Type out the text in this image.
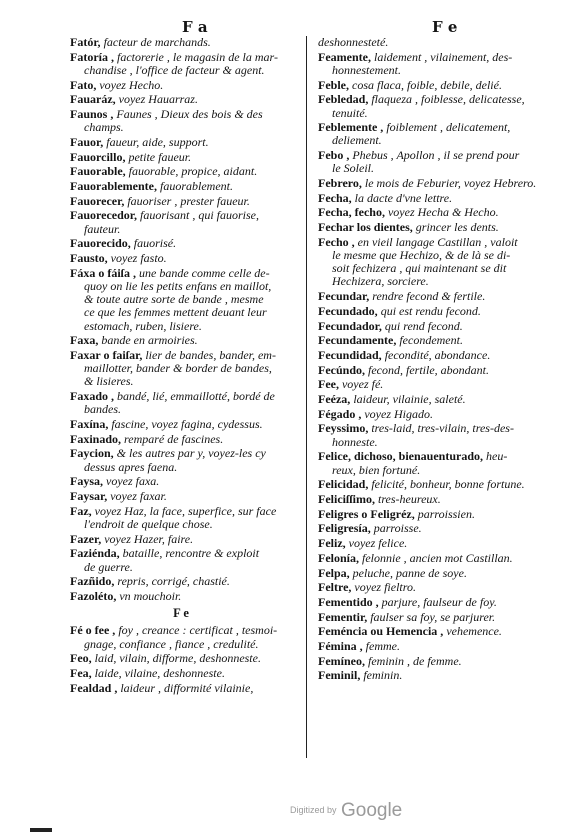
F a	F e
Fatór, facteur de marchands.
Fatoría , factorerie , le magasin de la mar-
chandise , l'office de facteur & agent.
Fato, voyez Hecho.
Fauaráz, voyez Hauarraz.
Faunos , Faunes , Dieux des bois & des
champs.
Fauor, faueur, aide, support.
Fauorcillo, petite faueur.
Fauorable, fauorable, propice, aidant.
Fauorablemente, fauorablement.
Fauorecer, fauoriser , prester faueur.
Fauorecedor, fauorisant , qui fauorise,
fauteur.
Fauorecido, fauorisé.
Fausto, voyez fasto.
Fáxa o fáiſa , une bande comme celle de-
quoy on lie les petits enfans en maillot,
& toute autre sorte de bande , mesme
ce que les femmes mettent deuant leur
estomach, ruben, lisiere.
Faxa, bande en armoiries.
Faxar o faiſar, lier de bandes, bander, em-
maillotter, bander & border de bandes,
& lisieres.
Faxado , bandé, lié, emmaillotté, bordé de
bandes.
Faxína, fascine, voyez fagina, cydessus.
Faxinado, remparé de fascines.
Faycion, & les autres par y, voyez-les cy
dessus apres faena.
Faysa, voyez faxa.
Faysar, voyez faxar.
Faz, voyez Haz, la face, superfice, sur face
l'endroit de quelque chose.
Fazer, voyez Hazer, faire.
Faziénda, bataille, rencontre & exploit
de guerre.
Fazñido, repris, corrigé, chastié.
Fazoléto, vn mouchoir.
F e
Fé o fee , foy , creance : certificat , tesmoi-
gnage, confiance , fiance , credulité.
Feo, laid, vilain, difforme, deshonneste.
Fea, laide, vilaine, deshonneste.
Fealdad , laideur , difformité vilainie,
deshonnesteté.
Feamente, laidement , vilainement, des-
honnestement.
Feble, cosa flaca, foible, debile, delié.
Febledad, flaqueza , foiblesse, delicatesse,
tenuité.
Feblemente , foiblement , delicatement,
deliement.
Febo , Phebus , Apollon , il se prend pour
le Soleil.
Febrero, le mois de Feburier, voyez Hebrero.
Fecha, la dacte d'vne lettre.
Fecha, fecho, voyez Hecha & Hecho.
Fechar los dientes, grincer les dents.
Fecho , en vieil langage Castillan , valoit
le mesme que Hechizo, & de là se di-
soit fechizera , qui maintenant se dit
Hechizera, sorciere.
Fecundar, rendre fecond & fertile.
Fecundado, qui est rendu fecond.
Fecundador, qui rend fecond.
Fecundamente, fecondement.
Fecundidad, fecondité, abondance.
Fecúndo, fecond, fertile, abondant.
Fee, voyez fé.
Feéza, laideur, vilainie, saleté.
Fégado , voyez Higado.
Feyssimo, tres-laid, tres-vilain, tres-des-
honneste.
Felice, dichoso, bienauenturado, heu-
reux, bien fortuné.
Felicidad, felicité, bonheur, bonne fortune.
Feliciſſimo, tres-heureux.
Feligres o Feligréz, parroissien.
Feligresía, parroisse.
Feliz, voyez felice.
Felonía, felonnie , ancien mot Castillan.
Felpa, peluche, panne de soye.
Feltre, voyez fieltro.
Fementido , parjure, faulseur de foy.
Fementir, faulser sa foy, se parjurer.
Feméncia ou Hemencia , vehemence.
Fémina , femme.
Femíneo, feminin , de femme.
Feminil, feminin.
Digitized by Google
